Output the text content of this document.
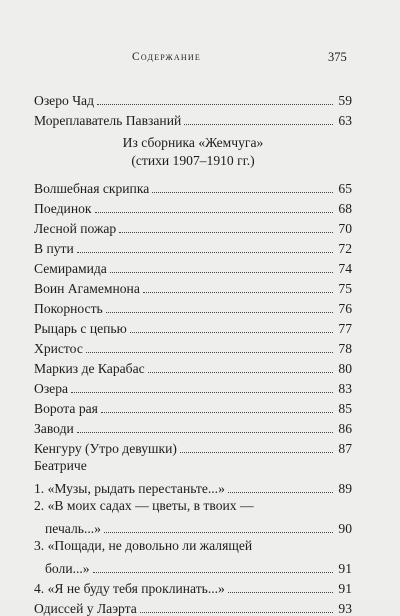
Содержание	375
Озеро Чад	59
Мореплаватель Павзаний	63
Из сборника «Жемчуга»
(стихи 1907–1910 гг.)
Волшебная скрипка	65
Поединок	68
Лесной пожар	70
В пути	72
Семирамида	74
Воин Агамемнона	75
Покорность	76
Рыцарь с цепью	77
Христос	78
Маркиз де Карабас	80
Озера	83
Ворота рая	85
Заводи	86
Кенгуру (Утро девушки)	87
Беатриче
1. «Музы, рыдать перестаньте...»	89
2. «В моих садах — цветы, в твоих —
печаль...»	90
3. «Пощади, не довольно ли жалящей
боли...»	91
4. «Я не буду тебя проклинать...»	91
Одиссей у Лаэрта	93
